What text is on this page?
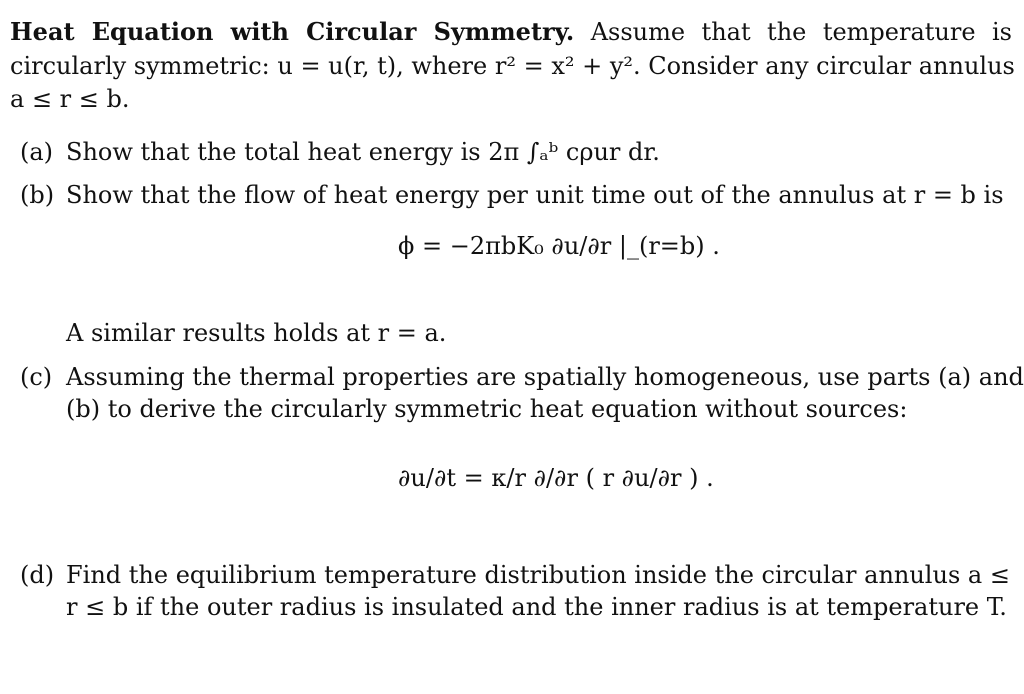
Heat Equation with Circular Symmetry. Assume that the temperature is
circularly symmetric: u = u(r, t), where r² = x² + y². Consider any circular annulus
a ≤ r ≤ b.
(a) Show that the total heat energy is 2π ∫ₐᵇ cρur dr.
(b) Show that the flow of heat energy per unit time out of the annulus at r = b is
ϕ = −2πbK₀ ∂u/∂r |_(r=b) .
A similar results holds at r = a.
(c) Assuming the thermal properties are spatially homogeneous, use parts (a) and
(b) to derive the circularly symmetric heat equation without sources:
∂u/∂t = κ/r ∂/∂r ( r ∂u/∂r ) .
(d) Find the equilibrium temperature distribution inside the circular annulus a ≤
r ≤ b if the outer radius is insulated and the inner radius is at temperature T.
